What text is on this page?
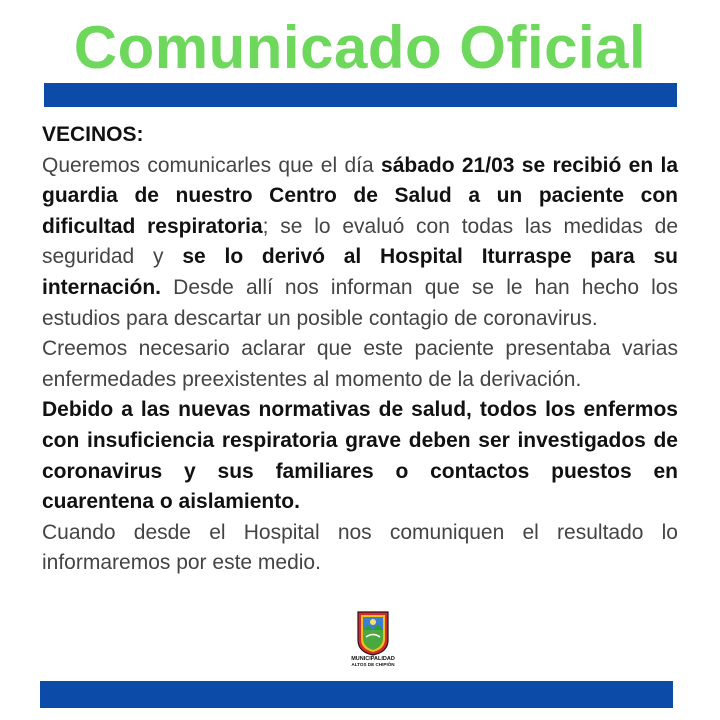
Comunicado Oficial

VECINOS:

Queremos comunicarles que el día sábado 21/03 se recibió en la guardia de nuestro Centro de Salud a un paciente con dificultad respiratoria; se lo evaluó con todas las medidas de seguridad y se lo derivó al Hospital Iturraspe para su internación. Desde allí nos informan que se le han hecho los estudios para descartar un posible contagio de coronavirus.

Creemos necesario aclarar que este paciente presentaba varias enfermedades preexistentes al momento de la derivación.

Debido a las nuevas normativas de salud, todos los enfermos con insuficiencia respiratoria grave deben ser investigados de coronavirus y sus familiares o contactos puestos en cuarentena o aislamiento.

Cuando desde el Hospital nos comuniquen el resultado lo informaremos por este medio.

MUNICIPALIDAD
ALTOS DE CHIPIÓN
